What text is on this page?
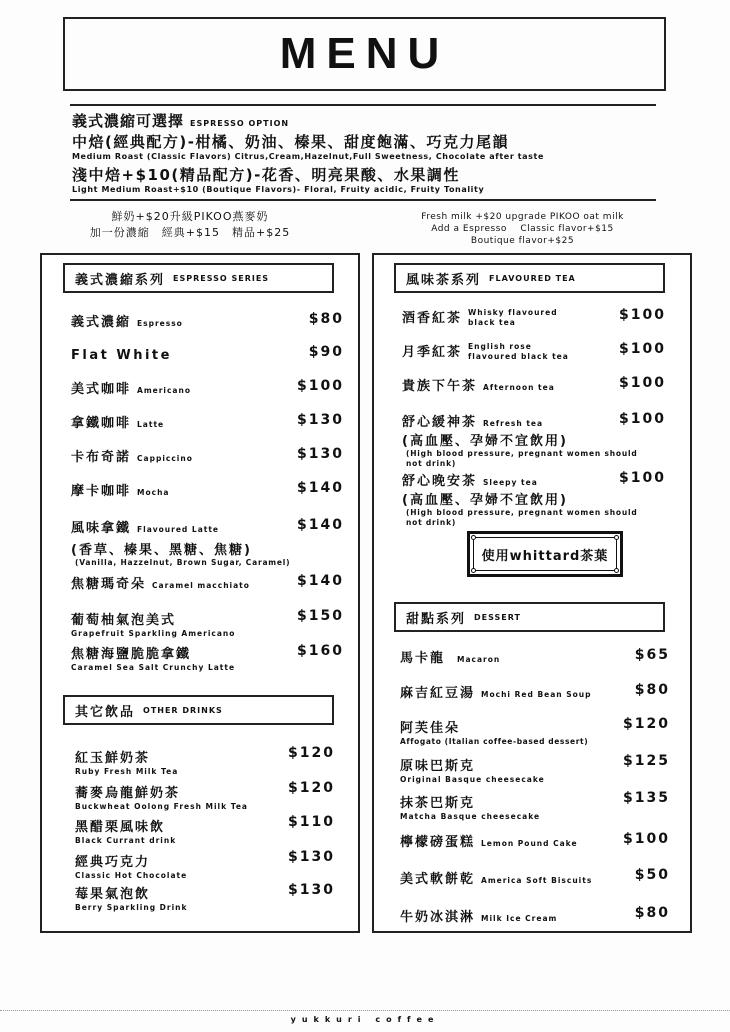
MENU
義式濃縮可選擇 ESPRESSO OPTION
中焙(經典配方)-柑橘、奶油、榛果、甜度飽滿、巧克力尾韻
Medium Roast (Classic Flavors) Citrus,Cream,Hazelnut,Full Sweetness, Chocolate after taste
淺中焙+$10(精品配方)-花香、明亮果酸、水果調性
Light Medium Roast+$10 (Boutique Flavors)- Floral, Fruity acidic, Fruity Tonality
鮮奶+$20升級PIKOO燕麥奶
加一份濃縮　經典+$15　精品+$25
Fresh milk +$20 upgrade PIKOO oat milk
Add a Espresso    Classic flavor+$15
Boutique flavor+$25
義式濃縮系列 ESPRESSO SERIES
義式濃縮 Espresso	$80
Flat White	$90
美式咖啡 Americano	$100
拿鐵咖啡 Latte	$130
卡布奇諾 Cappiccino	$130
摩卡咖啡 Mocha	$140
風味拿鐵 Flavoured Latte
(香草、榛果、黑糖、焦糖)
(Vanilla, Hazzelnut, Brown Sugar, Caramel)
$140
焦糖瑪奇朵 Caramel macchiato	$140
葡萄柚氣泡美式
Grapefruit Sparkling Americano
$150
焦糖海鹽脆脆拿鐵
Caramel Sea Salt Crunchy Latte
$160
其它飲品 OTHER DRINKS
紅玉鮮奶茶
Ruby Fresh Milk Tea
$120
蕎麥烏龍鮮奶茶
Buckwheat Oolong Fresh Milk Tea
$120
黑醋栗風味飲
Black Currant drink
$110
經典巧克力
Classic Hot Chocolate
$130
莓果氣泡飲
Berry Sparkling Drink
$130
風味茶系列 FLAVOURED TEA
酒香紅茶 Whisky flavoured
black tea	$100
月季紅茶 English rose
flavoured black tea	$100
貴族下午茶 Afternoon tea	$100
舒心緩神茶 Refresh tea
(高血壓、孕婦不宜飲用)
(High blood pressure, pregnant women should
not drink)
$100
舒心晚安茶 Sleepy tea
(高血壓、孕婦不宜飲用)
(High blood pressure, pregnant women should
not drink)
$100
使用whittard茶葉
甜點系列 DESSERT
馬卡龍 Macaron	$65
麻吉紅豆湯 Mochi Red Bean Soup	$80
阿芙佳朵
Affogato (Italian coffee-based dessert)
$120
原味巴斯克
Original Basque cheesecake
$125
抹茶巴斯克
Matcha Basque cheesecake
$135
檸檬磅蛋糕 Lemon Pound Cake	$100
美式軟餅乾 America Soft Biscuits	$50
牛奶冰淇淋 Milk Ice Cream	$80
yukkuri coffee
